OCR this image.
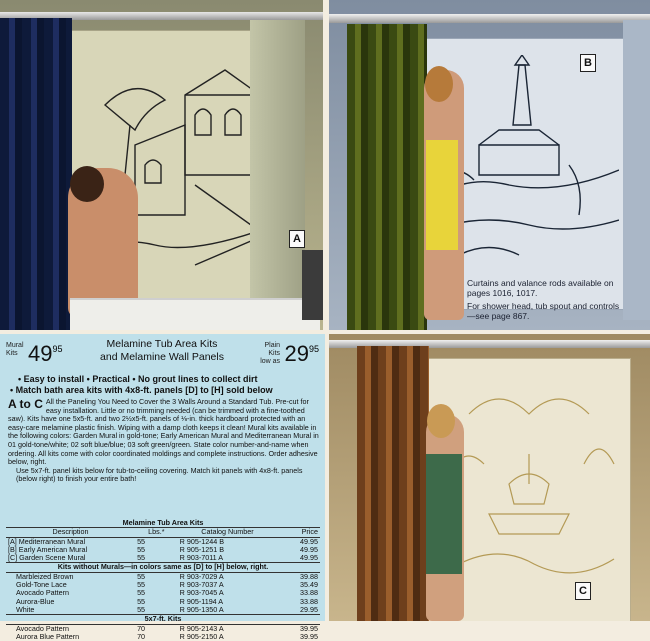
A
B
Curtains and valance rods available on pages 1016, 1017.
For shower head, tub spout and controls—see page 867.
C
Mural
Kits 4995	Melamine Tub Area Kits
and Melamine Wall Panels
Plain
Kits
low as 2995
• Easy to install • Practical • No grout lines to collect dirt
• Match bath area kits with 4x8-ft. panels [D] to [H] sold below
A to C All the Paneling You Need to Cover the 3 Walls Around a Standard Tub. Pre-cut for easy installation. Little or no trimming needed (can be trimmed with a fine-toothed saw). Kits have one 5x5-ft. and two 2½x5-ft. panels of ⅛-in. thick hardboard protected with an easy-care melamine plastic finish. Wiping with a damp cloth keeps it clean! Mural kits available in the following colors: Garden Mural in gold-tone; Early American Mural and Mediterranean Mural in 01 gold-tone/white; 02 soft blue/blue; 03 soft green/green. State color number-and-name when ordering. All kits come with color coordinated moldings and complete instructions. Order adhesive below, right.
Use 5x7-ft. panel kits below for tub-to-ceiling covering. Match kit panels with 4x8-ft. panels (below right) to finish your entire bath!
Melamine Tub Area Kits			
Description	Lbs.*	Catalog Number	Price
[A] Mediterranean Mural	55	R 905-1244 B	49.95
[B] Early American Mural	55	R 905-1251 B	49.95
[C] Garden Scene Mural	55	R 903-7011 A	49.95
Kits without Murals—in colors same as [D] to [H] below, right.			
Marbleized Brown	55	R 903-7029 A	39.88
Gold-Tone Lace	55	R 903-7037 A	35.49
Avocado Pattern	55	R 903-7045 A	33.88
Aurora-Blue	55	R 905-1194 A	33.88
White	55	R 905-1350 A	29.95
5x7-ft. Kits			
Avocado Pattern	70	R 905-2143 A	39.95
Aurora Blue Pattern	70	R 905-2150 A	39.95
